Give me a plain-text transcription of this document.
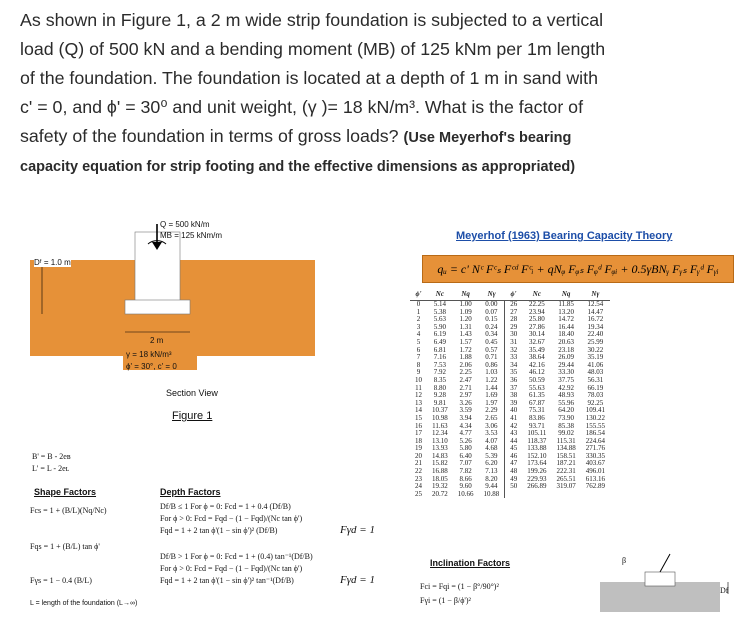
As shown in Figure 1, a 2 m wide strip foundation is subjected to a vertical

load (Q) of 500 kN and a bending moment (MΒ) of 125 kNm per 1m length

of the foundation. The foundation is located at a depth of 1 m in sand with

c' = 0, and ϕ' = 30⁰ and unit weight, (γ )= 18 kN/m³. What is the factor of

safety of the foundation in terms of gross loads? (Use Meyerhof's bearing

capacity equation for strip footing and the effective dimensions as appropriated)

Q = 500 kN/m
MΒ = 125 kNm/m
Dᶠ = 1.0 m
2 m
γ = 18 kN/m³
ϕ' = 30°, c' = 0
Section View
Figure 1
B' = B - 2eʙ
L' = L - 2eʟ
Meyerhof (1963) Bearing Capacity Theory
qᵤ = c' Nᶜ Fᶜₛ Fᶜᵈ Fᶜᵢ + qNᵩ Fᵩₛ Fᵩᵈ Fᵩᵢ + 0.5γBNᵧ Fᵧₛ Fᵧᵈ Fᵧᵢ
ϕ'	Nc	Nq	Nγ	ϕ'	Nc	Nq	Nγ
0	5.14	1.00	0.00	26	22.25	11.85	12.54
1	5.38	1.09	0.07	27	23.94	13.20	14.47
2	5.63	1.20	0.15	28	25.80	14.72	16.72
3	5.90	1.31	0.24	29	27.86	16.44	19.34
4	6.19	1.43	0.34	30	30.14	18.40	22.40
5	6.49	1.57	0.45	31	32.67	20.63	25.99
6	6.81	1.72	0.57	32	35.49	23.18	30.22
7	7.16	1.88	0.71	33	38.64	26.09	35.19
8	7.53	2.06	0.86	34	42.16	29.44	41.06
9	7.92	2.25	1.03	35	46.12	33.30	48.03
10	8.35	2.47	1.22	36	50.59	37.75	56.31
11	8.80	2.71	1.44	37	55.63	42.92	66.19
12	9.28	2.97	1.69	38	61.35	48.93	78.03
13	9.81	3.26	1.97	39	67.87	55.96	92.25
14	10.37	3.59	2.29	40	75.31	64.20	109.41
15	10.98	3.94	2.65	41	83.86	73.90	130.22
16	11.63	4.34	3.06	42	93.71	85.38	155.55
17	12.34	4.77	3.53	43	105.11	99.02	186.54
18	13.10	5.26	4.07	44	118.37	115.31	224.64
19	13.93	5.80	4.68	45	133.88	134.88	271.76
20	14.83	6.40	5.39	46	152.10	158.51	330.35
21	15.82	7.07	6.20	47	173.64	187.21	403.67
22	16.88	7.82	7.13	48	199.26	222.31	496.01
23	18.05	8.66	8.20	49	229.93	265.51	613.16
24	19.32	9.60	9.44	50	266.89	319.07	762.89
25	20.72	10.66	10.88				
Shape Factors
Fcs = 1 + (B/L)(Nq/Nc)
Fqs = 1 + (B/L) tan ϕ'
Fγs = 1 − 0.4 (B/L)
L = length of the foundation (L→∞)
Depth Factors
Df/B ≤ 1 For ϕ = 0: Fcd = 1 + 0.4 (Df/B)
For ϕ > 0: Fcd = Fqd − (1 − Fqd)/(Nc tan ϕ')
Fqd = 1 + 2 tan ϕ'(1 − sin ϕ')² (Df/B)	Fγd = 1
Df/B > 1 For ϕ = 0: Fcd = 1 + (0.4) tan⁻¹(Df/B)
For ϕ > 0: Fcd = Fqd − (1 − Fqd)/(Nc tan ϕ')
Fqd = 1 + 2 tan ϕ'(1 − sin ϕ')² tan⁻¹(Df/B)	Fγd = 1
Inclination Factors
Fci = Fqi = (1 − β°/90°)²
Fγi = (1 − β/ϕ')²
β
Df
